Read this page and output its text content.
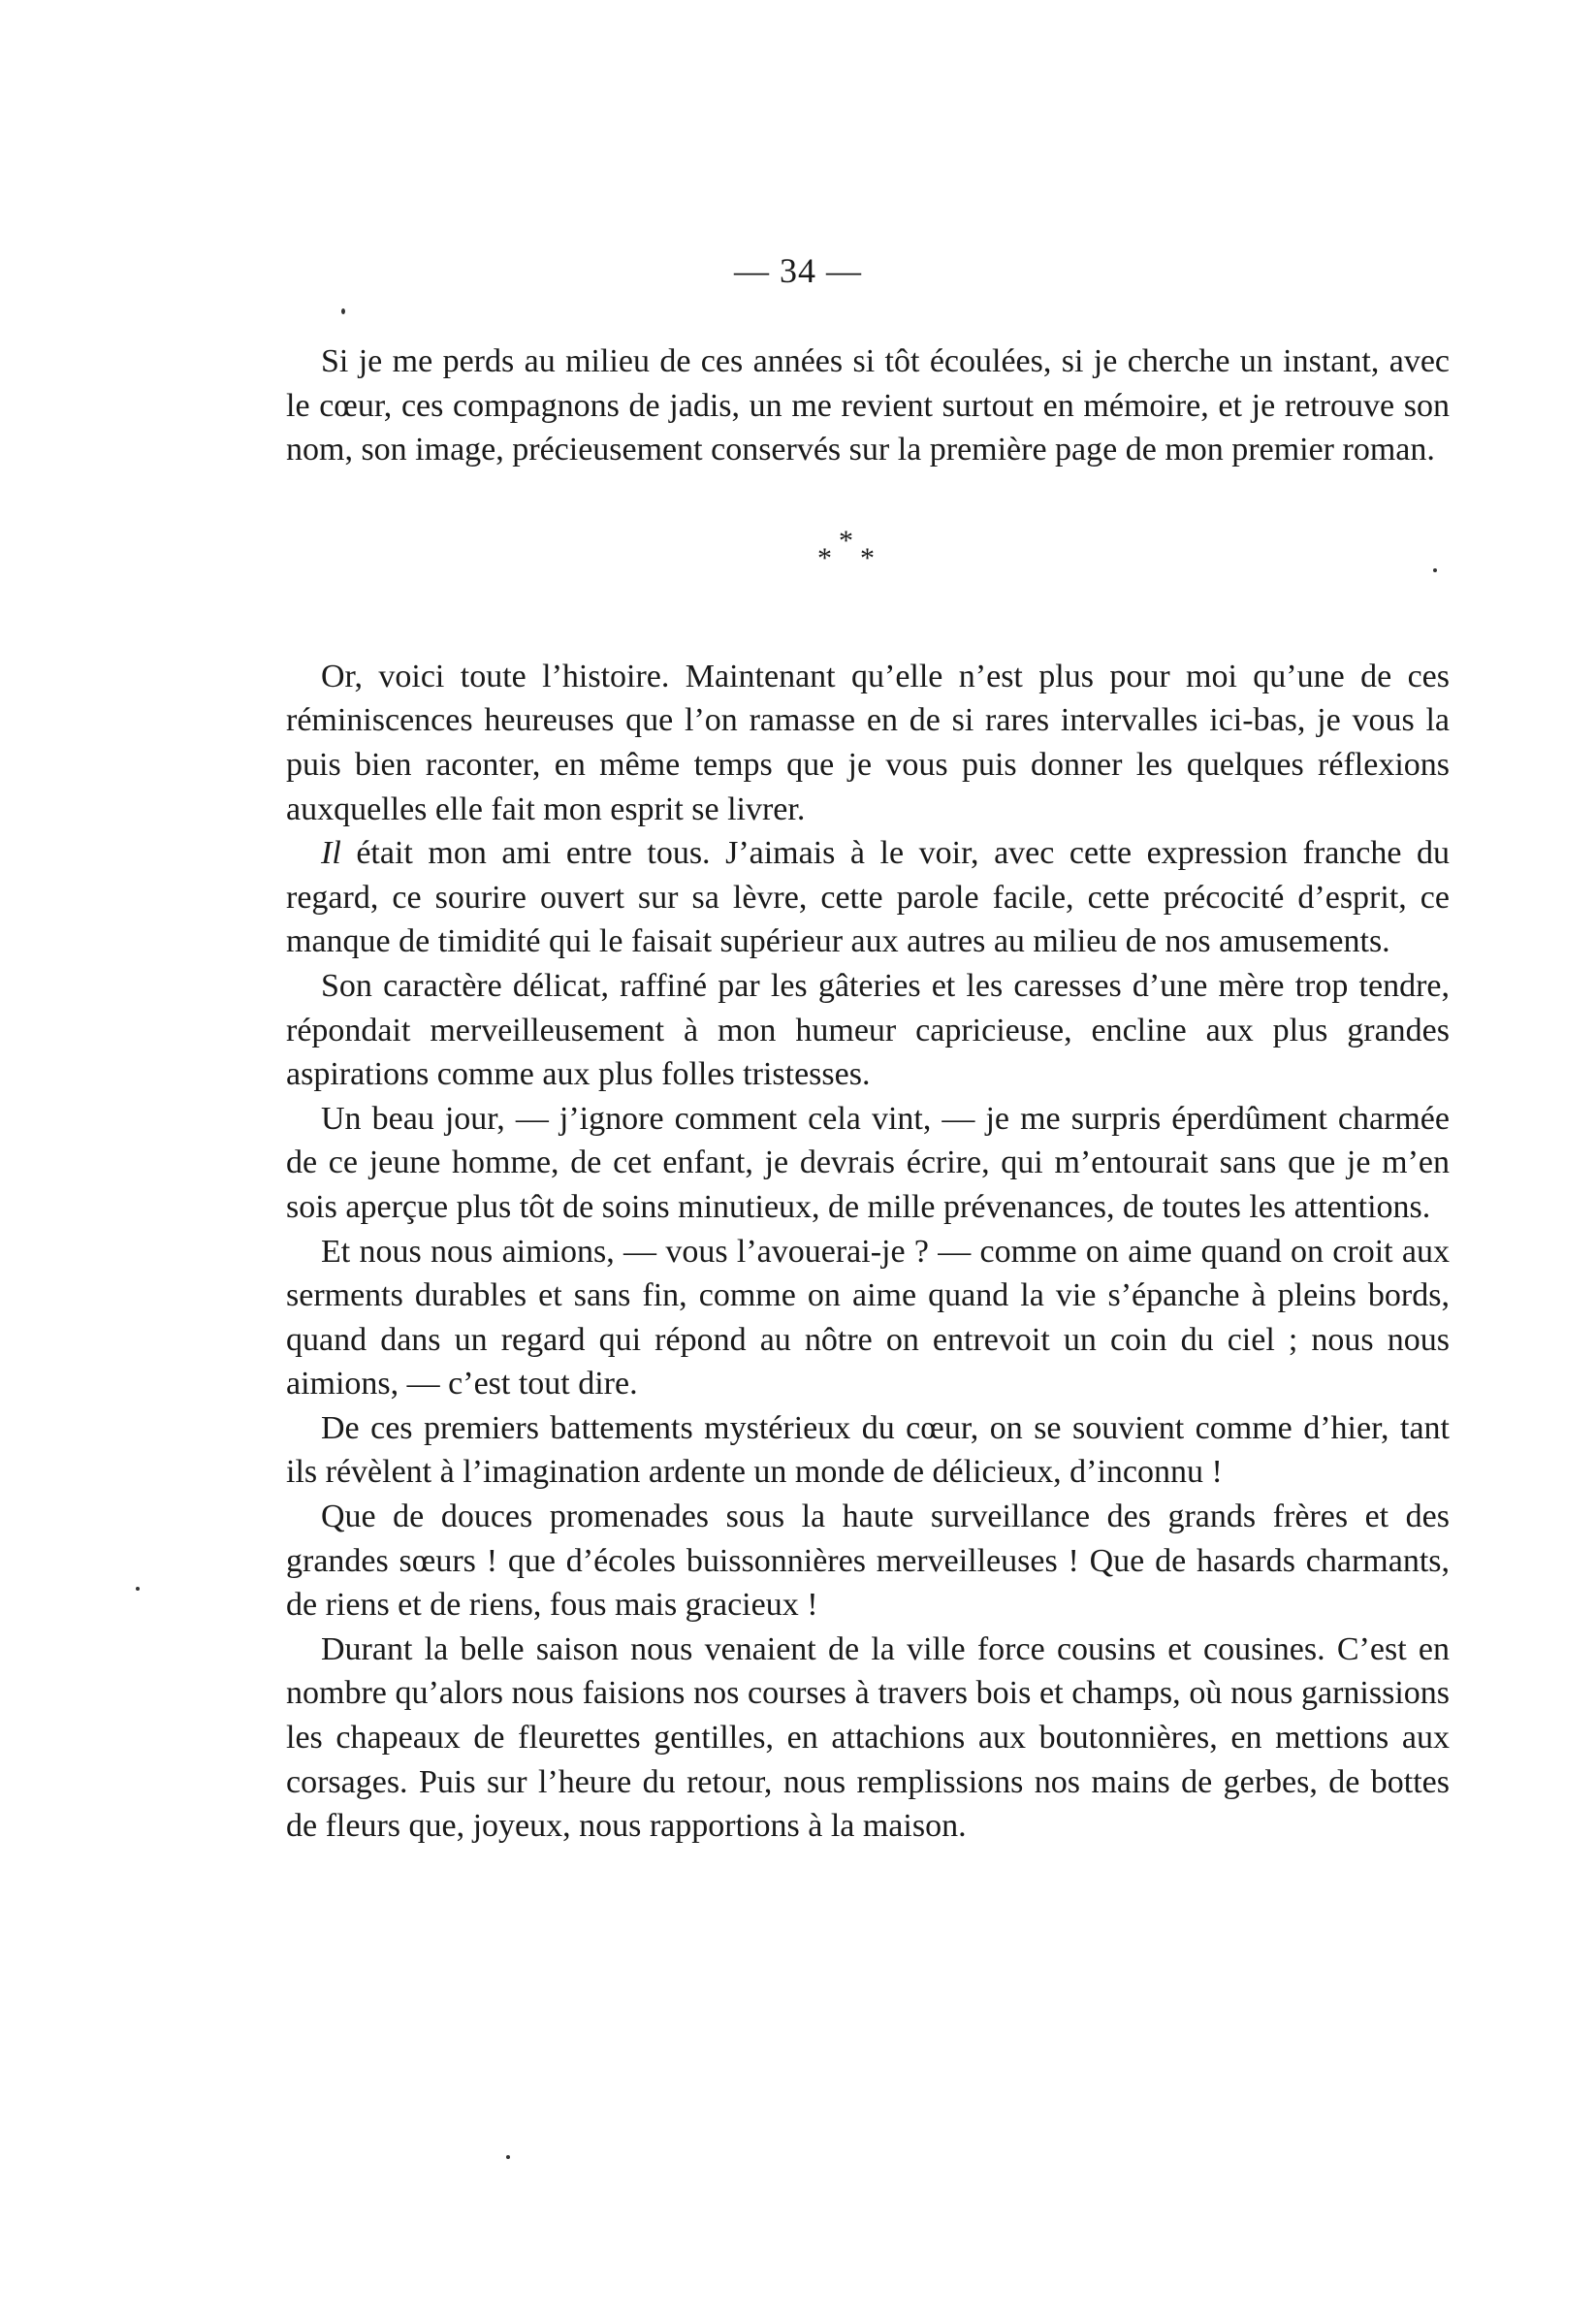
— 34 —

Si je me perds au milieu de ces années si tôt écoulées, si je cherche un instant, avec le cœur, ces compagnons de jadis, un me revient surtout en mémoire, et je retrouve son nom, son image, précieusement conservés sur la première page de mon premier roman.

*
* *

Or, voici toute l’histoire. Maintenant qu’elle n’est plus pour moi qu’une de ces réminiscences heureuses que l’on ramasse en de si rares intervalles ici-bas, je vous la puis bien raconter, en même temps que je vous puis donner les quelques réflexions auxquelles elle fait mon esprit se livrer.

Il était mon ami entre tous. J’aimais à le voir, avec cette expression franche du regard, ce sourire ouvert sur sa lèvre, cette parole facile, cette précocité d’esprit, ce manque de timidité qui le faisait supérieur aux autres au milieu de nos amusements.

Son caractère délicat, raffiné par les gâteries et les caresses d’une mère trop tendre, répondait merveilleusement à mon humeur capricieuse, encline aux plus grandes aspirations comme aux plus folles tristesses.

Un beau jour, — j’ignore comment cela vint, — je me surpris éperdûment charmée de ce jeune homme, de cet enfant, je devrais écrire, qui m’entourait sans que je m’en sois aperçue plus tôt de soins minutieux, de mille prévenances, de toutes les attentions.

Et nous nous aimions, — vous l’avouerai-je ? — comme on aime quand on croit aux serments durables et sans fin, comme on aime quand la vie s’épanche à pleins bords, quand dans un regard qui répond au nôtre on entrevoit un coin du ciel ; nous nous aimions, — c’est tout dire.

De ces premiers battements mystérieux du cœur, on se souvient comme d’hier, tant ils révèlent à l’imagination ardente un monde de délicieux, d’inconnu !

Que de douces promenades sous la haute surveillance des grands frères et des grandes sœurs ! que d’écoles buissonnières merveilleuses ! Que de hasards charmants, de riens et de riens, fous mais gracieux !

Durant la belle saison nous venaient de la ville force cousins et cousines. C’est en nombre qu’alors nous faisions nos courses à travers bois et champs, où nous garnissions les chapeaux de fleurettes gentilles, en attachions aux boutonnières, en mettions aux corsages. Puis sur l’heure du retour, nous remplissions nos mains de gerbes, de bottes de fleurs que, joyeux, nous rapportions à la maison.
